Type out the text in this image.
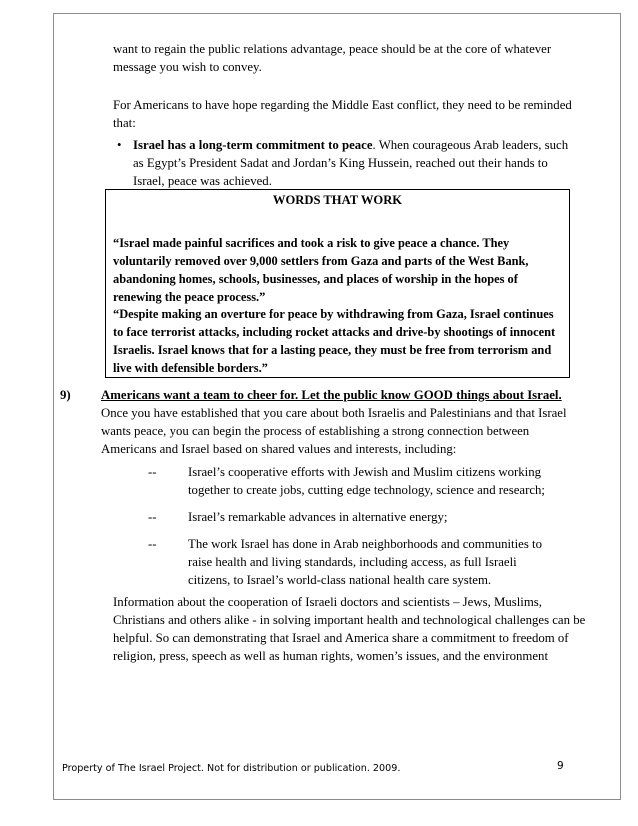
want to regain the public relations advantage, peace should be at the core of whatever message you wish to convey.
For Americans to have hope regarding the Middle East conflict, they need to be reminded that:
• Israel has a long-term commitment to peace. When courageous Arab leaders, such as Egypt’s President Sadat and Jordan’s King Hussein, reached out their hands to Israel, peace was achieved.
WORDS THAT WORK
“Israel made painful sacrifices and took a risk to give peace a chance. They voluntarily removed over 9,000 settlers from Gaza and parts of the West Bank, abandoning homes, schools, businesses, and places of worship in the hopes of renewing the peace process.”
“Despite making an overture for peace by withdrawing from Gaza, Israel continues to face terrorist attacks, including rocket attacks and drive-by shootings of innocent Israelis. Israel knows that for a lasting peace, they must be free from terrorism and live with defensible borders.”
9) Americans want a team to cheer for. Let the public know GOOD things about Israel.
Once you have established that you care about both Israelis and Palestinians and that Israel wants peace, you can begin the process of establishing a strong connection between Americans and Israel based on shared values and interests, including:
-- Israel’s cooperative efforts with Jewish and Muslim citizens working together to create jobs, cutting edge technology, science and research;
-- Israel’s remarkable advances in alternative energy;
-- The work Israel has done in Arab neighborhoods and communities to raise health and living standards, including access, as full Israeli citizens, to Israel’s world-class national health care system.
Information about the cooperation of Israeli doctors and scientists – Jews, Muslims, Christians and others alike - in solving important health and technological challenges can be helpful. So can demonstrating that Israel and America share a commitment to freedom of religion, press, speech as well as human rights, women’s issues, and the environment
Property of The Israel Project. Not for distribution or publication. 2009.	9
